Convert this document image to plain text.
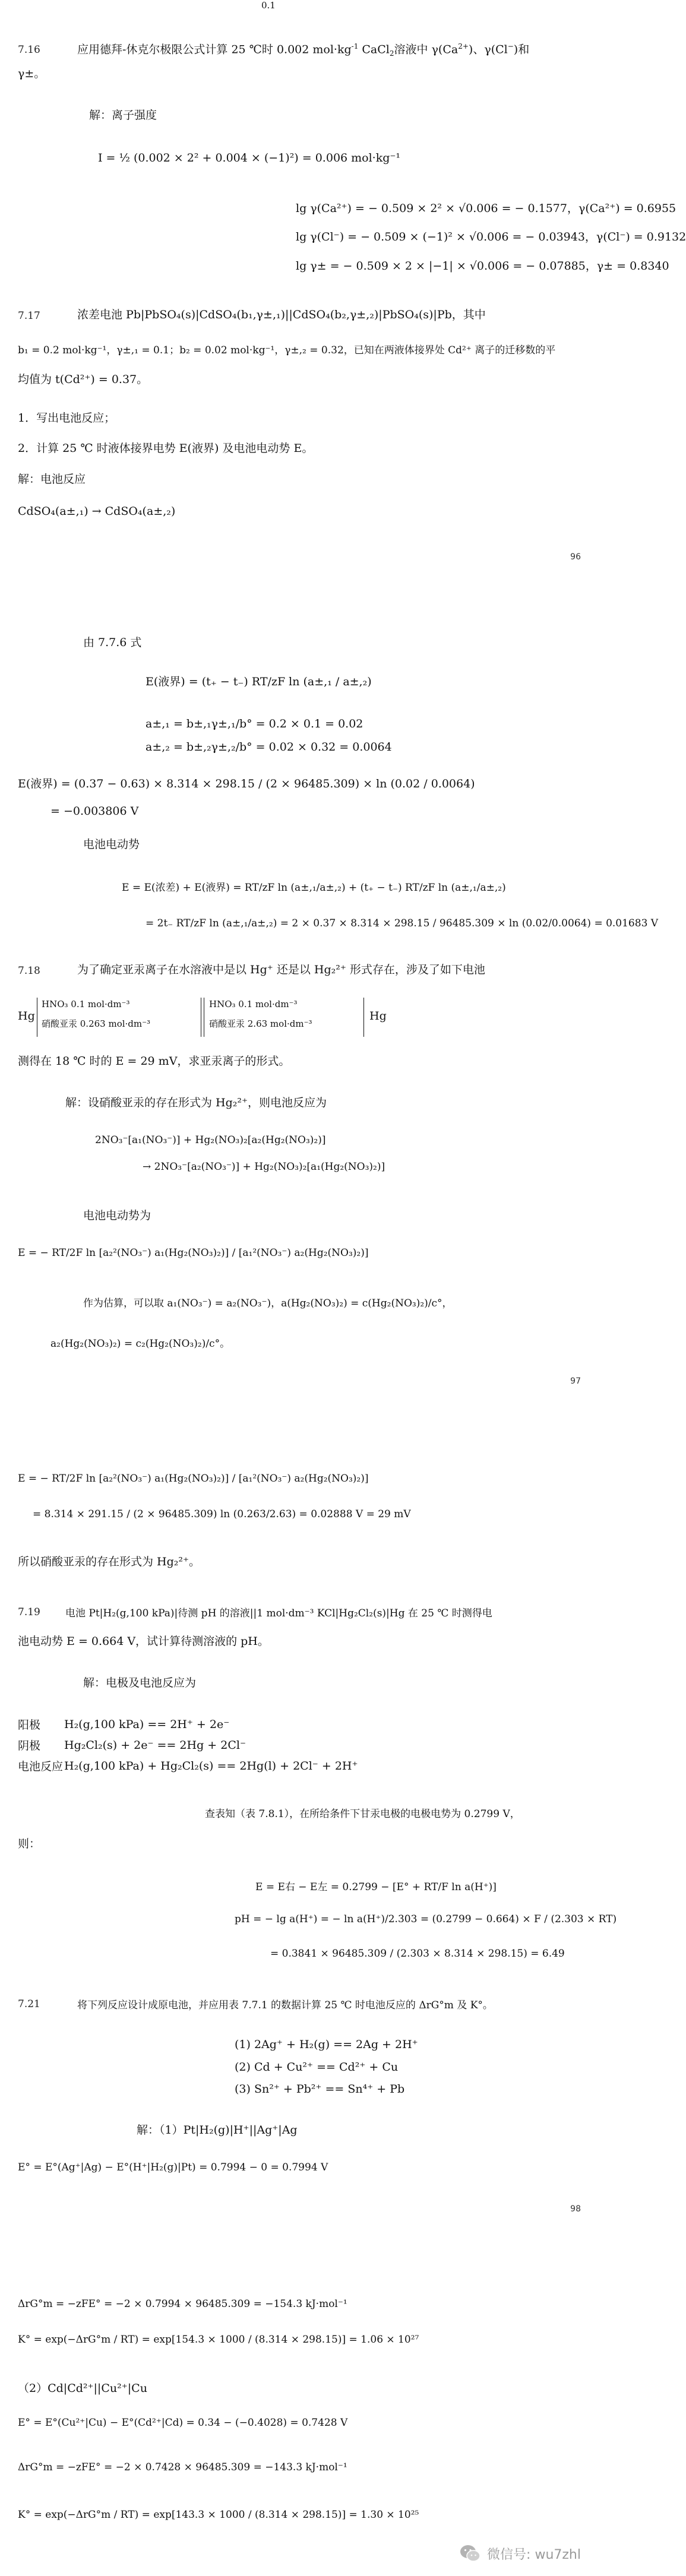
0.1
7.16	应用德拜-休克尔极限公式计算 25 ℃时 0.002 $mol\cdot kg^{-1}$ CaCl$_2$溶液中 $\gamma(Ca^{2+})$、γ(Cl−)和
γ±。
解：离子强度
I = ½ (0.002 × 2² + 0.004 × (−1)²) = 0.006 mol·kg⁻¹
lg γ(Ca²⁺) = − 0.509 × 2² × √0.006 = − 0.1577，γ(Ca²⁺) = 0.6955
lg γ(Cl⁻) = − 0.509 × (−1)² × √0.006 = − 0.03943，γ(Cl⁻) = 0.9132
lg γ± = − 0.509 × 2 × |−1| × √0.006 = − 0.07885，γ± = 0.8340
7.17	浓差电池 Pb|PbSO₄(s)|CdSO₄(b₁,γ±,₁)||CdSO₄(b₂,γ±,₂)|PbSO₄(s)|Pb，其中
b₁ = 0.2 mol·kg⁻¹，γ±,₁ = 0.1；b₂ = 0.02 mol·kg⁻¹，γ±,₂ = 0.32，已知在两液体接界处 Cd²⁺ 离子的迁移数的平
均值为 t(Cd²⁺) = 0.37。
1．写出电池反应；
2．计算 25 ℃ 时液体接界电势 E(液界) 及电池电动势 E。
解：电池反应
CdSO₄(a±,₁) → CdSO₄(a±,₂)
96
由 7.7.6 式
E(液界) = (t₊ − t₋) RT/zF ln (a±,₁ / a±,₂)
a±,₁ = b±,₁γ±,₁/b° = 0.2 × 0.1 = 0.02
a±,₂ = b±,₂γ±,₂/b° = 0.02 × 0.32 = 0.0064
E(液界) = (0.37 − 0.63) × 8.314 × 298.15 / (2 × 96485.309) × ln (0.02 / 0.0064)
= −0.003806 V
电池电动势
E = E(浓差) + E(液界) = RT/zF ln (a±,₁/a±,₂) + (t₊ − t₋) RT/zF ln (a±,₁/a±,₂)
= 2t₋ RT/zF ln (a±,₁/a±,₂) = 2 × 0.37 × 8.314 × 298.15 / 96485.309 × ln (0.02/0.0064) = 0.01683 V
7.18	为了确定亚汞离子在水溶液中是以 Hg⁺ 还是以 Hg₂²⁺ 形式存在，涉及了如下电池
Hg
HNO₃ 0.1 mol·dm⁻³
硝酸亚汞 0.263 mol·dm⁻³
HNO₃ 0.1 mol·dm⁻³
硝酸亚汞 2.63 mol·dm⁻³
Hg
测得在 18 ℃ 时的 E = 29 mV，求亚汞离子的形式。
解：设硝酸亚汞的存在形式为 Hg₂²⁺，则电池反应为
2NO₃⁻[a₁(NO₃⁻)] + Hg₂(NO₃)₂[a₂(Hg₂(NO₃)₂)]
→ 2NO₃⁻[a₂(NO₃⁻)] + Hg₂(NO₃)₂[a₁(Hg₂(NO₃)₂)]
电池电动势为
E = − RT/2F ln [a₂²(NO₃⁻) a₁(Hg₂(NO₃)₂)] / [a₁²(NO₃⁻) a₂(Hg₂(NO₃)₂)]
作为估算，可以取 a₁(NO₃⁻) = a₂(NO₃⁻)，a(Hg₂(NO₃)₂) = c(Hg₂(NO₃)₂)/c°，
a₂(Hg₂(NO₃)₂) = c₂(Hg₂(NO₃)₂)/c°。
97
E = − RT/2F ln [a₂²(NO₃⁻) a₁(Hg₂(NO₃)₂)] / [a₁²(NO₃⁻) a₂(Hg₂(NO₃)₂)]
= 8.314 × 291.15 / (2 × 96485.309) ln (0.263/2.63) = 0.02888 V = 29 mV
所以硝酸亚汞的存在形式为 Hg₂²⁺。
7.19 电池 Pt|H₂(g,100 kPa)|待测 pH 的溶液||1 mol·dm⁻³ KCl|Hg₂Cl₂(s)|Hg 在 25 ℃ 时测得电
池电动势 E = 0.664 V，试计算待测溶液的 pH。
解：电极及电池反应为
阳极 H₂(g,100 kPa) == 2H⁺ + 2e⁻
阴极 Hg₂Cl₂(s) + 2e⁻ == 2Hg + 2Cl⁻
电池反应 H₂(g,100 kPa) + Hg₂Cl₂(s) == 2Hg(l) + 2Cl⁻ + 2H⁺
查表知（表 7.8.1），在所给条件下甘汞电极的电极电势为 0.2799 V，
则：
E = E右 − E左 = 0.2799 − [E° + RT/F ln a(H⁺)]
pH = − lg a(H⁺) = − ln a(H⁺)/2.303 = (0.2799 − 0.664) × F / (2.303 × RT)
= 0.3841 × 96485.309 / (2.303 × 8.314 × 298.15) = 6.49
7.21	将下列反应设计成原电池，并应用表 7.7.1 的数据计算 25 ℃ 时电池反应的 ΔrG°m 及 K°。
(1) 2Ag⁺ + H₂(g) == 2Ag + 2H⁺
(2) Cd + Cu²⁺ == Cd²⁺ + Cu
(3) Sn²⁺ + Pb²⁺ == Sn⁴⁺ + Pb
解：（1）Pt|H₂(g)|H⁺||Ag⁺|Ag
E° = E°(Ag⁺|Ag) − E°(H⁺|H₂(g)|Pt) = 0.7994 − 0 = 0.7994 V
98
ΔrG°m = −zFE° = −2 × 0.7994 × 96485.309 = −154.3 kJ·mol⁻¹
K° = exp(−ΔrG°m / RT) = exp[154.3 × 1000 / (8.314 × 298.15)] = 1.06 × 10²⁷
（2）Cd|Cd²⁺||Cu²⁺|Cu
E° = E°(Cu²⁺|Cu) − E°(Cd²⁺|Cd) = 0.34 − (−0.4028) = 0.7428 V
ΔrG°m = −zFE° = −2 × 0.7428 × 96485.309 = −143.3 kJ·mol⁻¹
K° = exp(−ΔrG°m / RT) = exp[143.3 × 1000 / (8.314 × 298.15)] = 1.30 × 10²⁵
微信号: wu7zhl
